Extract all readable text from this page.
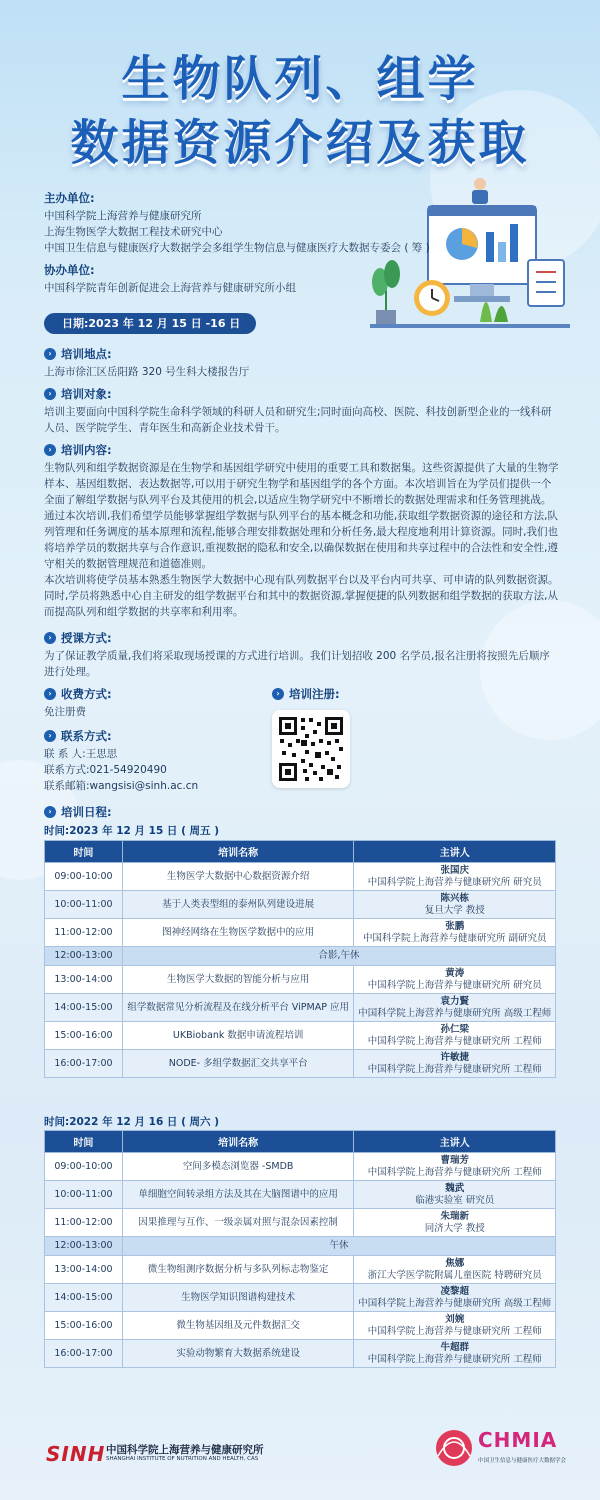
生物队列、组学
数据资源介绍及获取
主办单位:

中国科学院上海营养与健康研究所

上海生物医学大数据工程技术研究中心

中国卫生信息与健康医疗大数据学会多组学生物信息与健康医疗大数据专委会 ( 筹 )

协办单位:

中国科学院青年创新促进会上海营养与健康研究所小组

日期:2023 年 12 月 15 日 -16 日
› 培训地点:

上海市徐汇区岳阳路 320 号生科大楼报告厅

› 培训对象:

培训主要面向中国科学院生命科学领域的科研人员和研究生;同时面向高校、医院、科技创新型企业的一线科研人员、医学院学生、青年医生和高新企业技术骨干。

› 培训内容:

生物队列和组学数据资源是在生物学和基因组学研究中使用的重要工具和数据集。这些资源提供了大量的生物学样本、基因组数据、表达数据等,可以用于研究生物学和基因组学的各个方面。本次培训旨在为学员们提供一个全面了解组学数据与队列平台及其使用的机会,以适应生物学研究中不断增长的数据处理需求和任务管理挑战。通过本次培训,我们希望学员能够掌握组学数据与队列平台的基本概念和功能,获取组学数据资源的途径和方法,队列管理和任务调度的基本原理和流程,能够合理安排数据处理和分析任务,最大程度地利用计算资源。同时,我们也将培养学员的数据共享与合作意识,重视数据的隐私和安全,以确保数据在使用和共享过程中的合法性和安全性,遵守相关的数据管理规范和道德准则。

本次培训将使学员基本熟悉生物医学大数据中心现有队列数据平台以及平台内可共享、可申请的队列数据资源。同时,学员将熟悉中心自主研发的组学数据平台和其中的数据资源,掌握便捷的队列数据和组学数据的获取方法,从而提高队列和组学数据的共享率和利用率。

› 授课方式:

为了保证教学质量,我们将采取现场授课的方式进行培训。我们计划招收 200 名学员,报名注册将按照先后顺序进行处理。

› 收费方式:

免注册费

› 培训注册:
› 联系方式:

联 系 人:王思思

联系方式:021-54920490

联系邮箱:wangsisi@sinh.ac.cn

› 培训日程:
时间:2023 年 12 月 15 日 ( 周五 )
时间	培训名称	主讲人
09:00-10:00	生物医学大数据中心数据资源介绍	张国庆
中国科学院上海营养与健康研究所 研究员
10:00-11:00	基于人类表型组的泰州队列建设进展	陈兴栋
复旦大学 教授
11:00-12:00	图神经网络在生物医学数据中的应用	张鹏
中国科学院上海营养与健康研究所 副研究员
12:00-13:00	合影,午休	
13:00-14:00	生物医学大数据的智能分析与应用	黄涛
中国科学院上海营养与健康研究所 研究员
14:00-15:00	组学数据常见分析流程及在线分析平台 ViPMAP 应用	袁力賢
中国科学院上海营养与健康研究所 高级工程师
15:00-16:00	UKBiobank 数据申请流程培训	孙仁梁
中国科学院上海营养与健康研究所 工程师
16:00-17:00	NODE- 多组学数据汇交共享平台	许敏捷
中国科学院上海营养与健康研究所 工程师
时间:2022 年 12 月 16 日 ( 周六 )
时间	培训名称	主讲人
09:00-10:00	空间多模态浏览器 -SMDB	曹瑞芳
中国科学院上海营养与健康研究所 工程师
10:00-11:00	单细胞空间转录组方法及其在大脑图谱中的应用	魏武
临港实验室 研究员
11:00-12:00	因果推理与互作、一级亲属对照与混杂因素控制	朱瑞新
同济大学 教授
12:00-13:00	午休	
13:00-14:00	微生物组测序数据分析与多队列标志物鉴定	焦娜
浙江大学医学院附属儿童医院 特聘研究员
14:00-15:00	生物医学知识图谱构建技术	凌黎超
中国科学院上海营养与健康研究所 高级工程师
15:00-16:00	微生物基因组及元件数据汇交	刘婉
中国科学院上海营养与健康研究所 工程师
16:00-17:00	实验动物繁育大数据系统建设	牛超群
中国科学院上海营养与健康研究所 工程师
SINH 中国科学院上海营养与健康研究所
SHANGHAI INSTITUTE OF NUTRITION AND HEALTH, CAS
CHMIA
中国卫生信息与健康医疗大数据学会
